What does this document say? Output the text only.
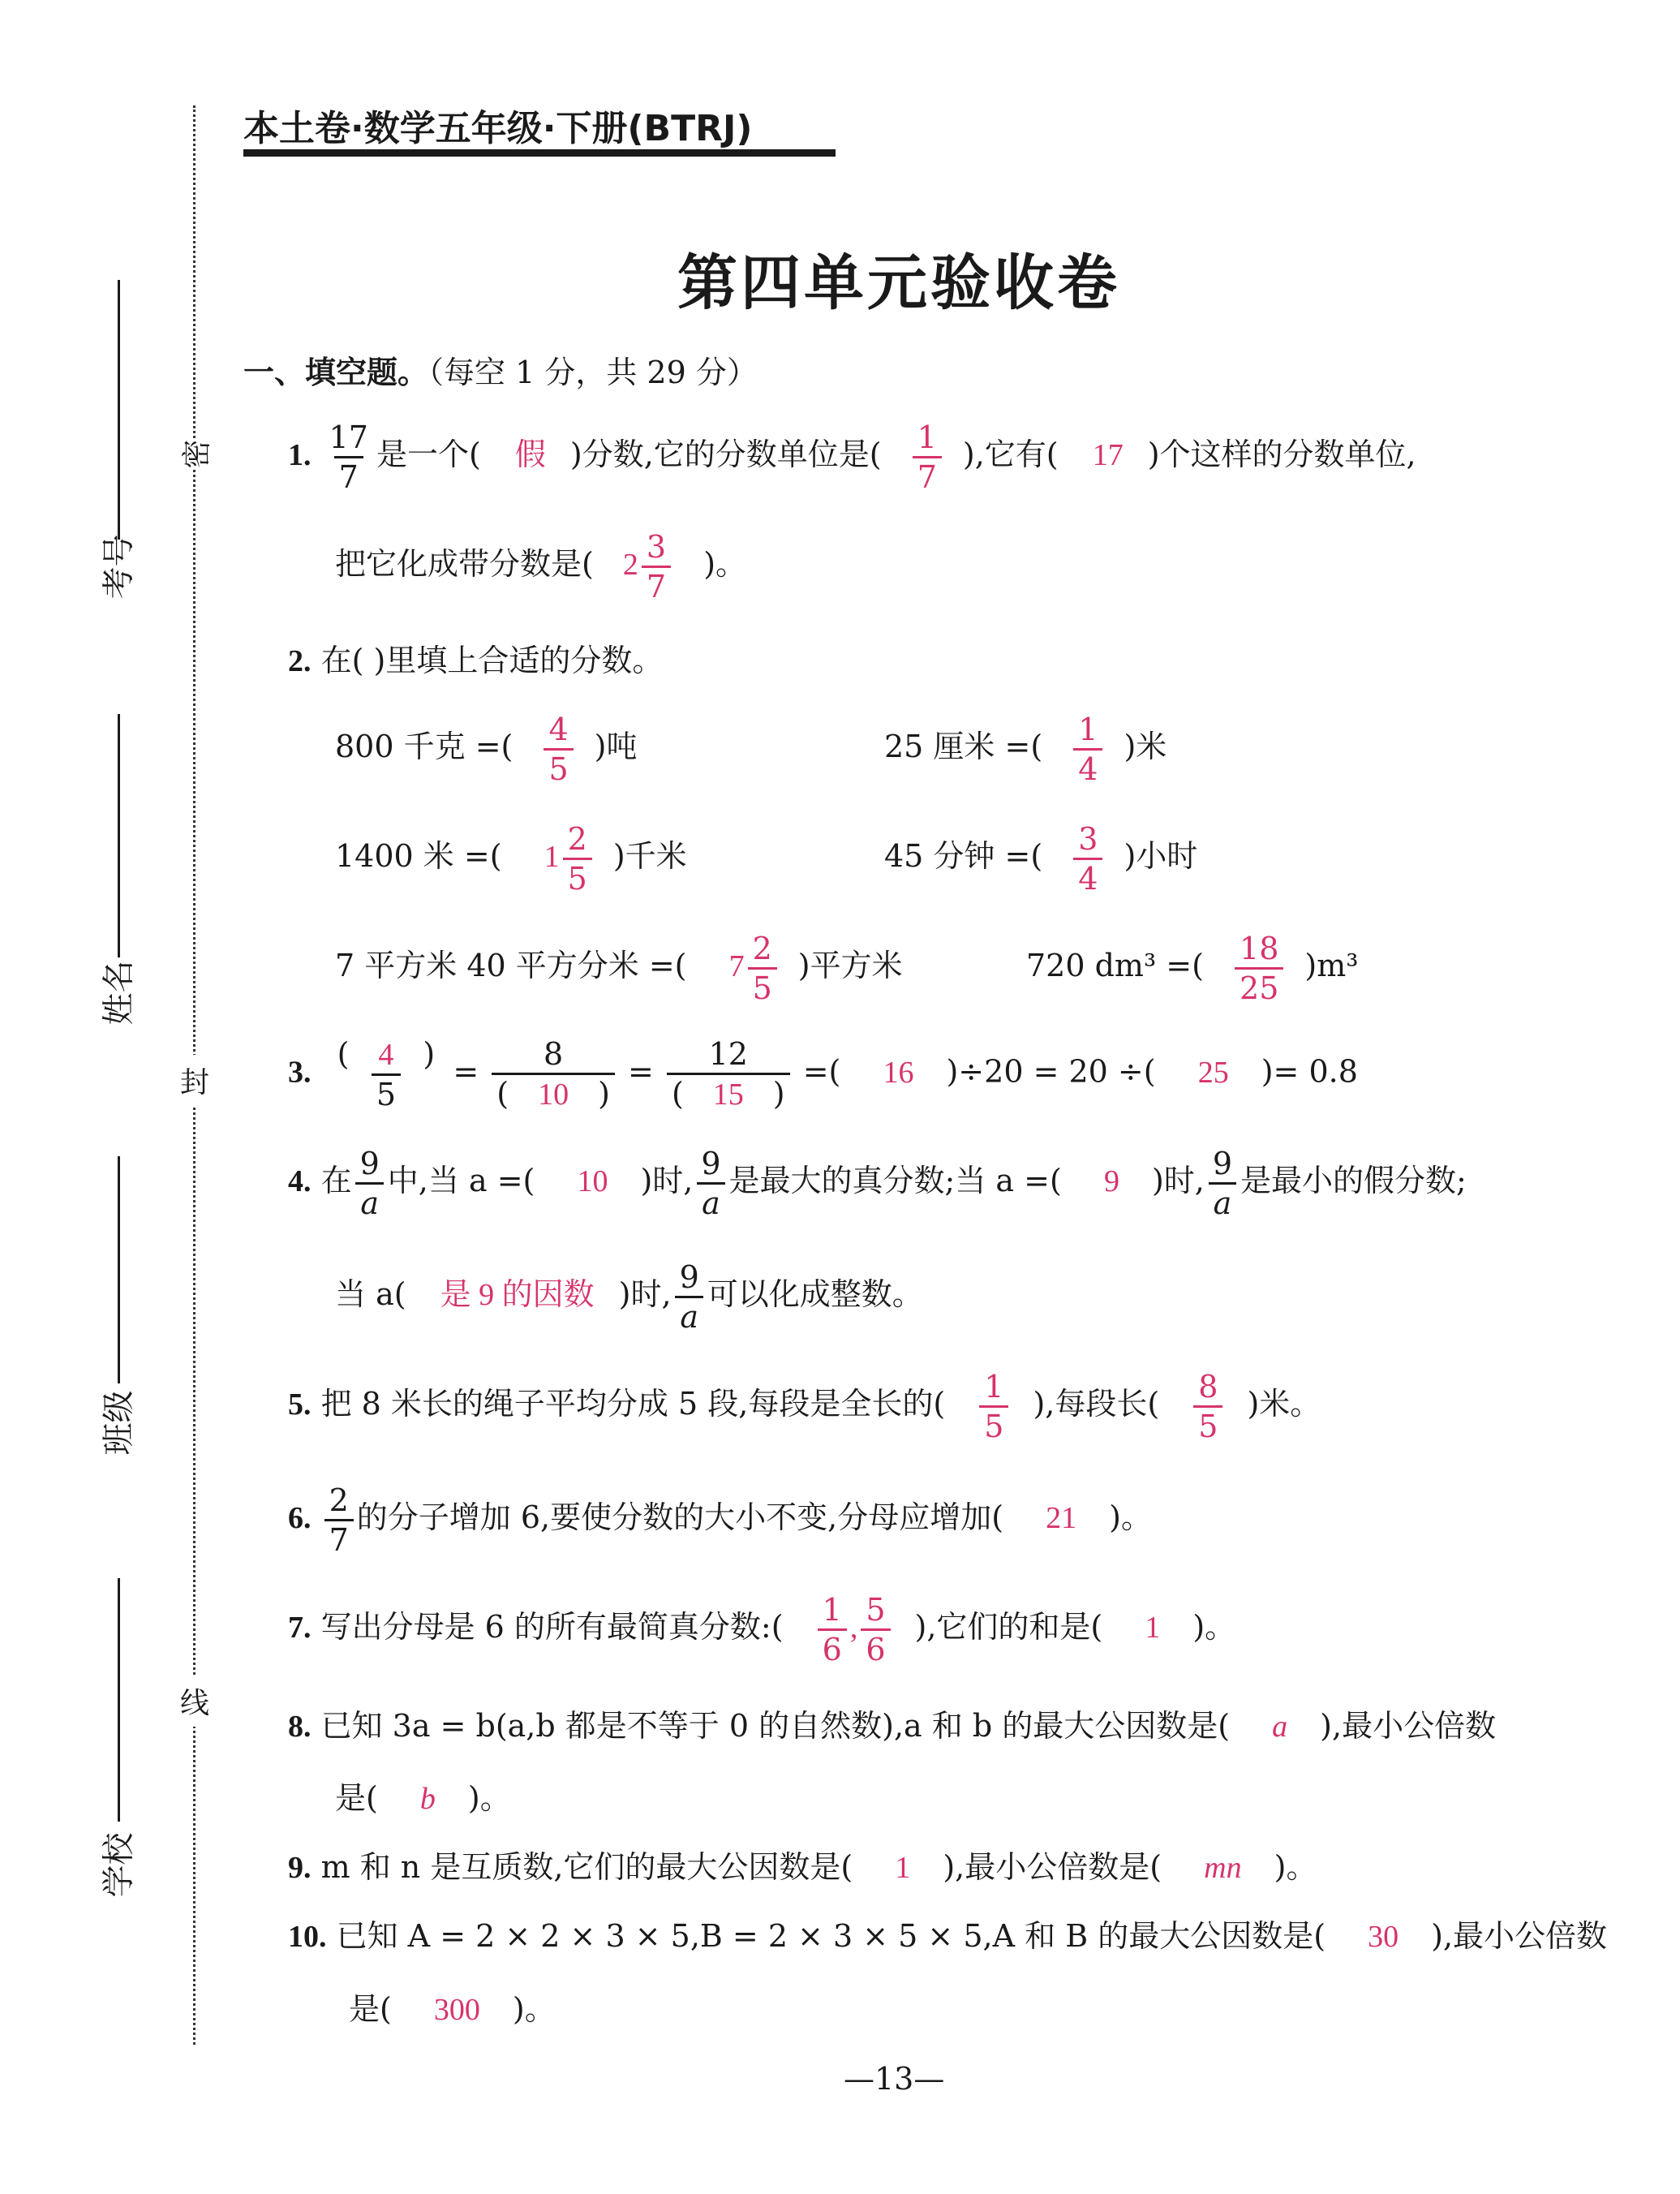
考号
姓名
班级
学校
密
封
线
本土卷·数学五年级·下册(BTRJ)
第四单元验收卷
一、填空题。（每空 1 分，共 29 分）
1. $\frac{17}{7}$ 是一个( 假 )分数,它的分数单位是( $\frac{1}{7}$ ),它有( 17 )个这样的分数单位,
把它化成带分数是( $2 \frac{3}{7}$ )。
2. 在( )里填上合适的分数。
800 千克 =( $\frac{4}{5}$ )吨	25 厘米 =( $\frac{1}{4}$ )米
1400 米 =( $1 \frac{2}{5}$ )千米	45 分钟 =( $\frac{3}{4}$ )小时
7 平方米 40 平方分米 =( $7 \frac{2}{5}$ )平方米	720 dm³ =( $\frac{18}{25} )m^3$
3. $\frac{( 4 )}{5} = \frac{8}{( 10 )} = \frac{12}{( 15 )}$ =( 16 )÷20 = 20 ÷( 25 )= 0.8
4. 在 $\frac{9}{a}$ 中,当 a =( 10 )时, $\frac{9}{a}$ 是最大的真分数;当 a =( 9 )时, $\frac{9}{a}$ 是最小的假分数;
当 a( 是 9 的因数 )时, $\frac{9}{a}$ 可以化成整数。
5. 把 8 米长的绳子平均分成 5 段,每段是全长的( $\frac{1}{5}$ ),每段长( $\frac{8}{5}$ )米。
6. $\frac{2}{7}$ 的分子增加 6,要使分数的大小不变,分母应增加( 21 )。
7. 写出分母是 6 的所有最简真分数:( $\frac{1}{6}$ , $\frac{5}{6}$ ),它们的和是( 1 )。
8. 已知 3a = b(a,b 都是不等于 0 的自然数),a 和 b 的最大公因数是( a ),最小公倍数
是( b )。
9. m 和 n 是互质数,它们的最大公因数是( 1 ),最小公倍数是( mn )。
10. 已知 A = 2 × 2 × 3 × 5,B = 2 × 3 × 5 × 5,A 和 B 的最大公因数是( 30 ),最小公倍数
是( 300 )。
—13—
